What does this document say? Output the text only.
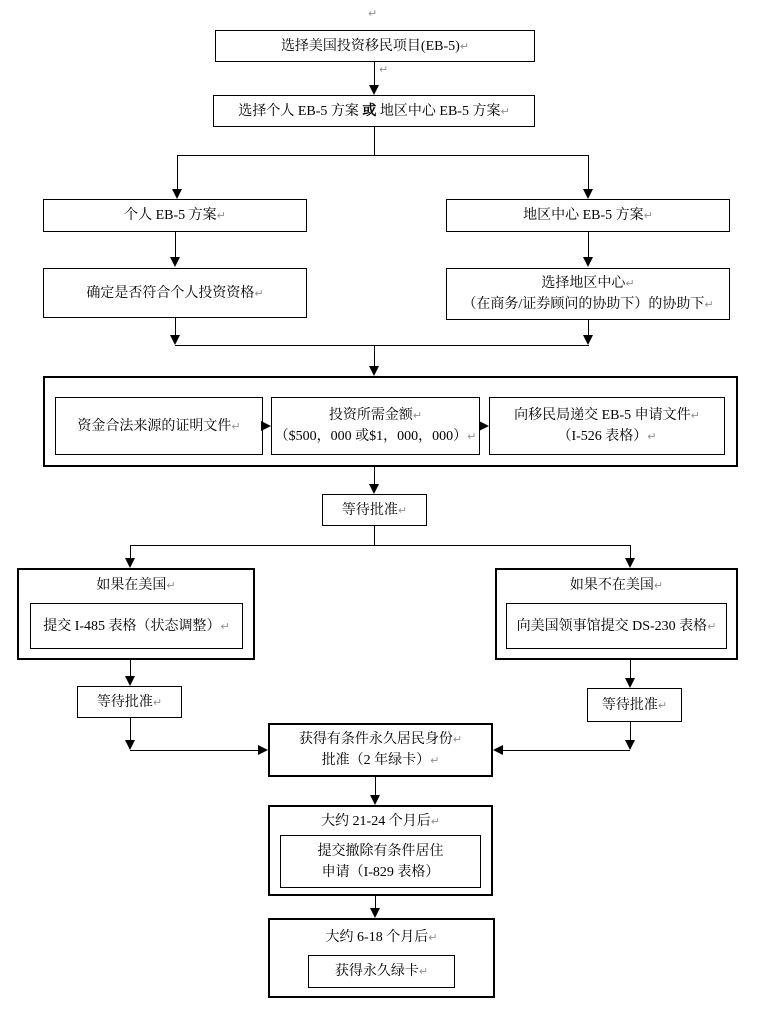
↵
↵
选择美国投资移民项目(EB-5)↵
选择个人 EB-5 方案 或 地区中心 EB-5 方案↵
个人 EB-5 方案↵	地区中心 EB-5 方案↵
确定是否符合个人投资资格↵
选择地区中心↵
（在商务/证券顾问的协助下）的协助下↵
资金合法来源的证明文件↵
投资所需金额↵
（$500，000 或$1，000，000）↵
向移民局递交 EB-5 申请文件↵
（I-526 表格）↵
等待批准↵
如果在美国↵
提交 I-485 表格（状态调整）↵
如果不在美国↵
向美国领事馆提交 DS-230 表格↵
等待批准↵	等待批准↵
获得有条件永久居民身份↵
批准（2 年绿卡）↵
大约 21-24 个月后↵
提交撤除有条件居住
申请（I-829 表格）
大约 6-18 个月后↵
获得永久绿卡↵
